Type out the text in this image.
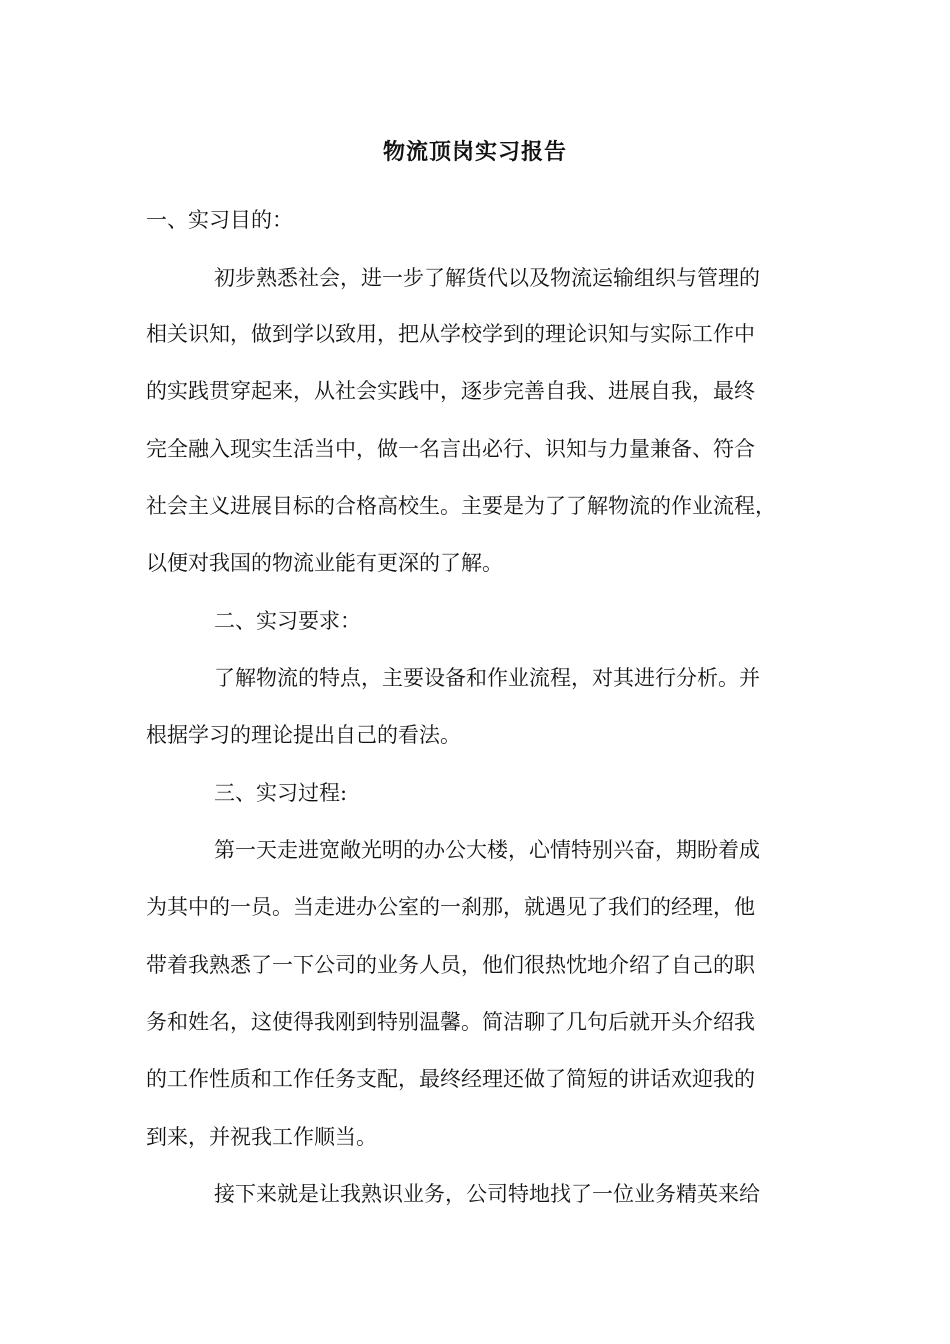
物流顶岗实习报告
一、实习目的：
初步熟悉社会，进一步了解货代以及物流运输组织与管理的
相关识知，做到学以致用，把从学校学到的理论识知与实际工作中
的实践贯穿起来，从社会实践中，逐步完善自我、进展自我，最终
完全融入现实生活当中，做一名言出必行、识知与力量兼备、符合
社会主义进展目标的合格高校生。主要是为了了解物流的作业流程，
以便对我国的物流业能有更深的了解。
二、实习要求：
了解物流的特点，主要设备和作业流程，对其进行分析。并
根据学习的理论提出自己的看法。
三、实习过程:
第一天走进宽敞光明的办公大楼，心情特别兴奋，期盼着成
为其中的一员。当走进办公室的一刹那，就遇见了我们的经理，他
带着我熟悉了一下公司的业务人员，他们很热忱地介绍了自己的职
务和姓名，这使得我刚到特别温馨。简洁聊了几句后就开头介绍我
的工作性质和工作任务支配，最终经理还做了简短的讲话欢迎我的
到来，并祝我工作顺当。
接下来就是让我熟识业务，公司特地找了一位业务精英来给
